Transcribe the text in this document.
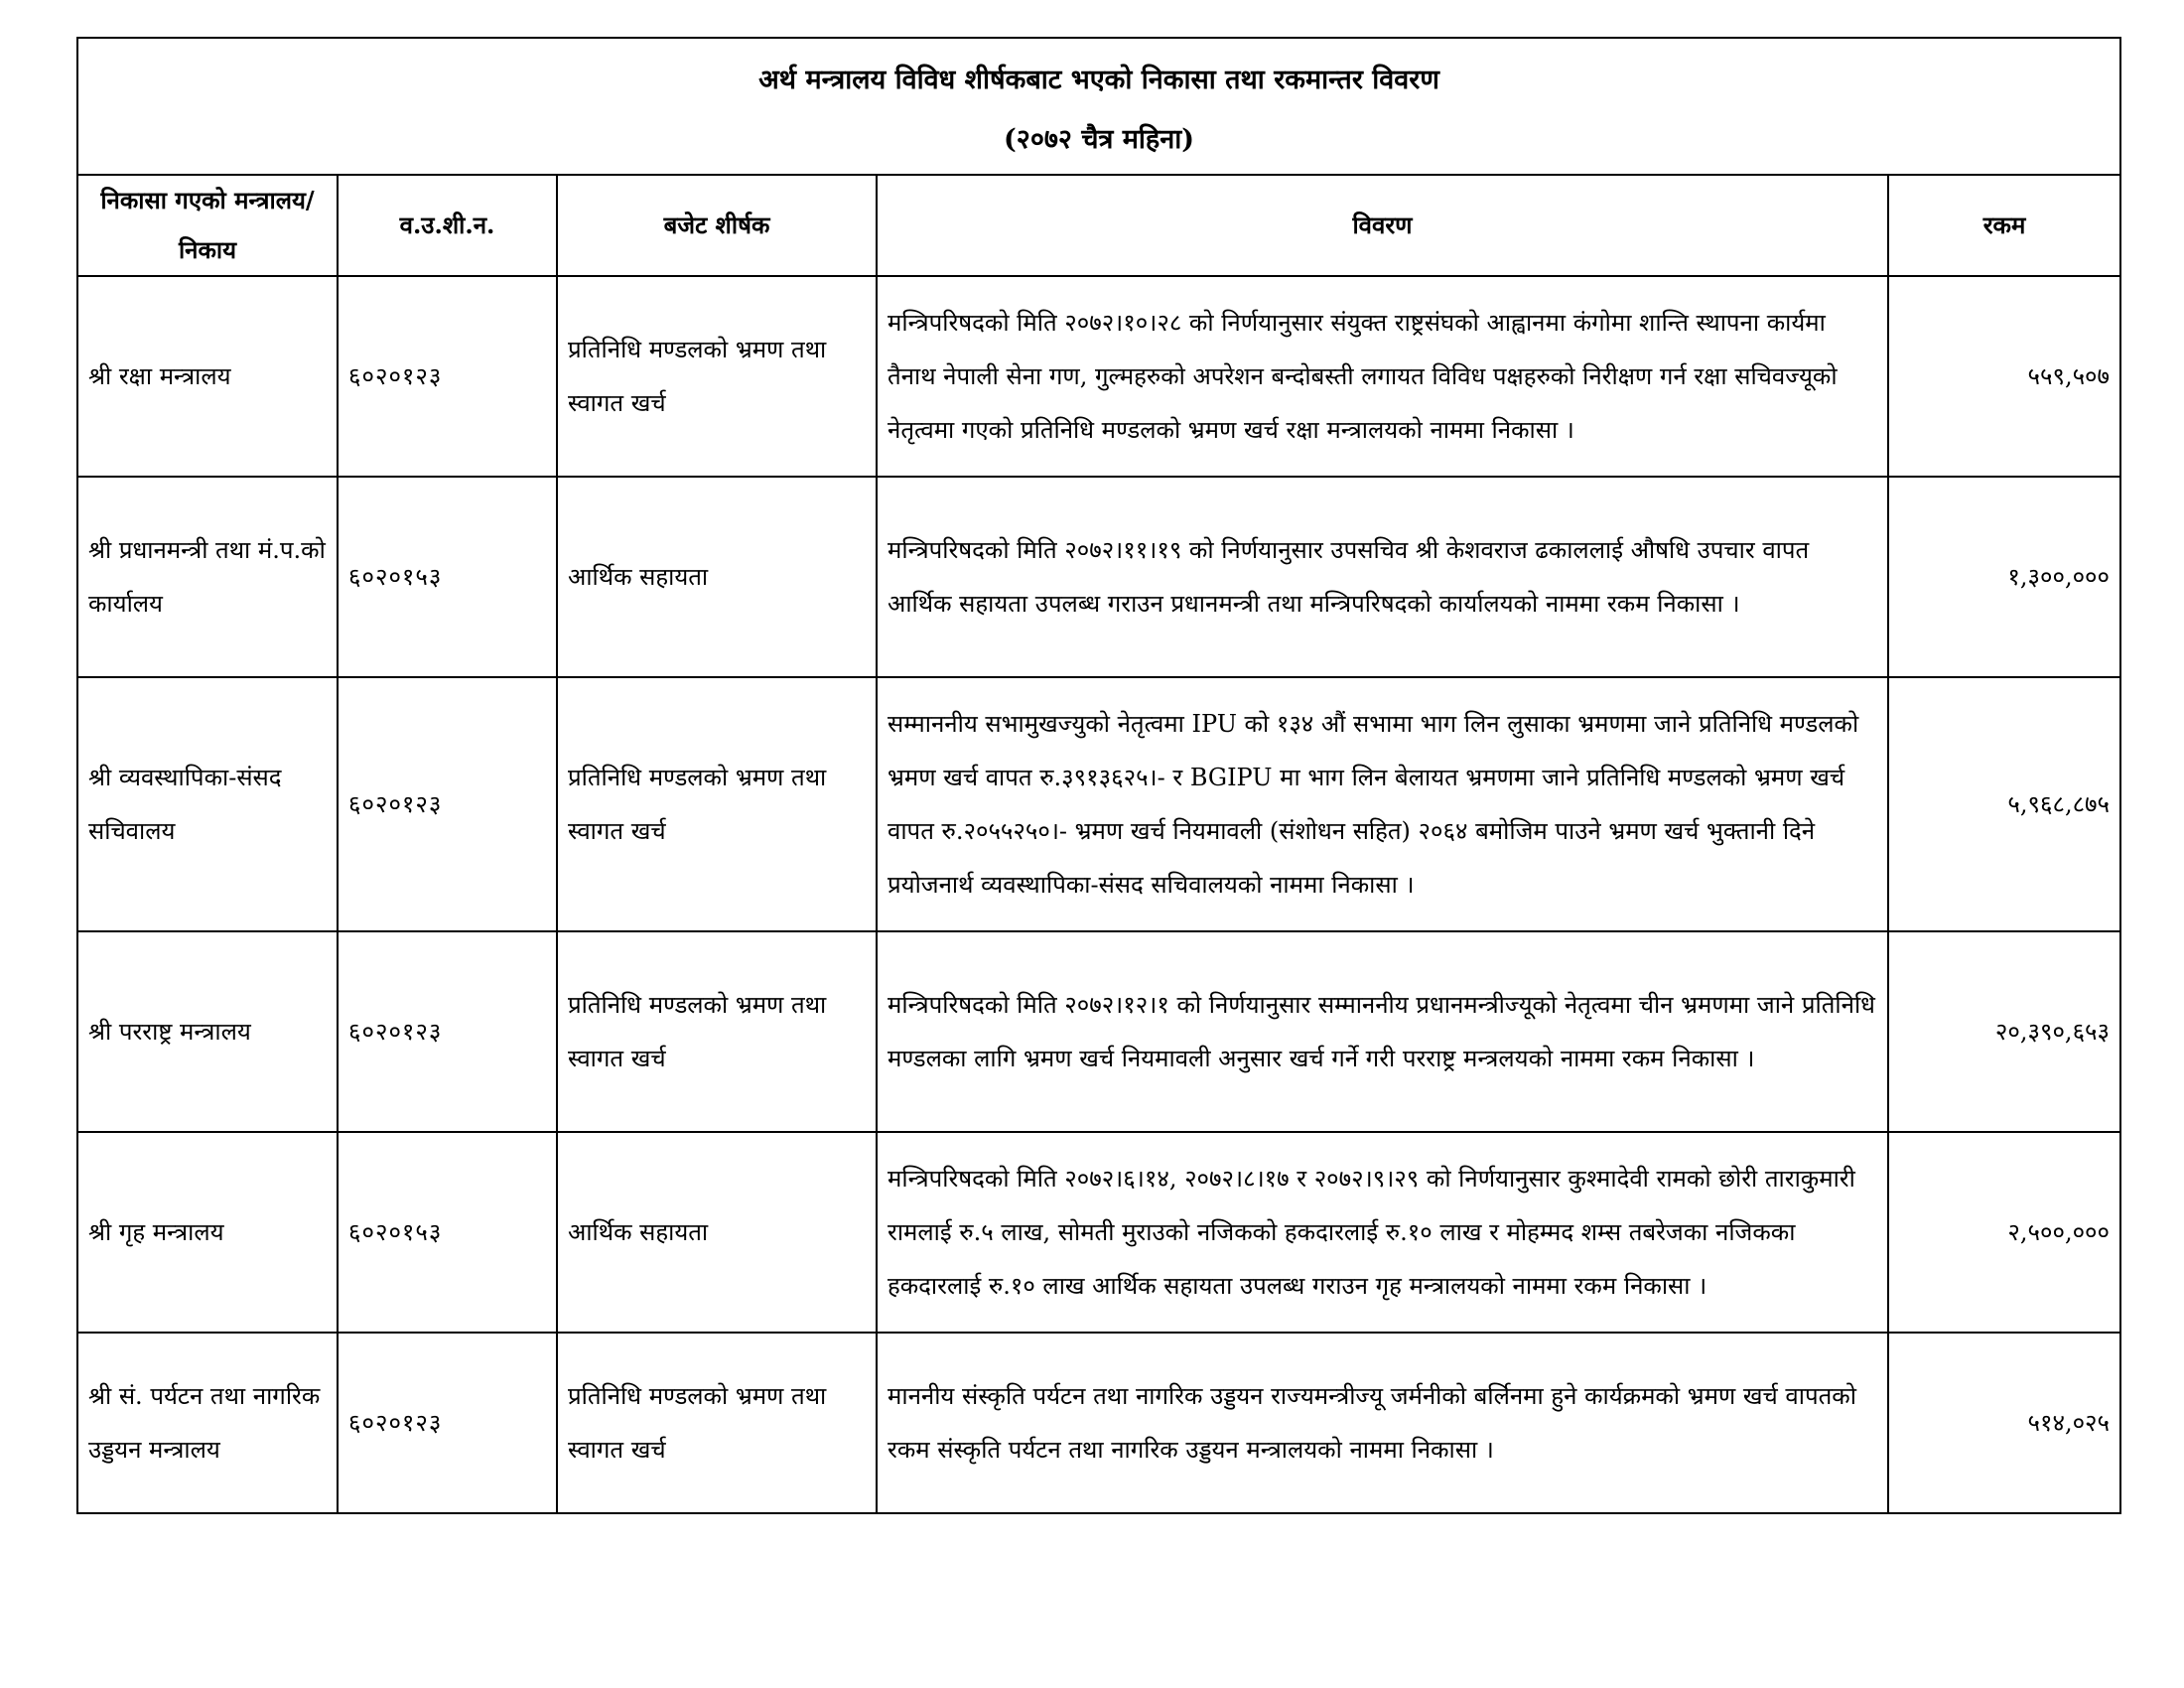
अर्थ मन्त्रालय विविध शीर्षकबाट भएको निकासा तथा रकमान्तर विवरण
(२०७२ चैत्र महिना)				

निकासा गएको मन्त्रालय/निकाय	व.उ.शी.न.	बजेट शीर्षक	विवरण	रकम
श्री रक्षा मन्त्रालय	६०२०१२३	प्रतिनिधि मण्डलको भ्रमण तथा स्वागत खर्च	मन्त्रिपरिषदको मिति २०७२।१०।२८ को निर्णयानुसार संयुक्त राष्ट्रसंघको आह्वानमा कंगोमा शान्ति स्थापना कार्यमा तैनाथ नेपाली सेना गण, गुल्महरुको अपरेशन बन्दोबस्ती लगायत विविध पक्षहरुको निरीक्षण गर्न रक्षा सचिवज्यूको नेतृत्वमा गएको प्रतिनिधि मण्डलको भ्रमण खर्च रक्षा मन्त्रालयको नाममा निकासा ।	५५९,५०७
श्री प्रधानमन्त्री तथा मं.प.को कार्यालय	६०२०१५३	आर्थिक सहायता	मन्त्रिपरिषदको मिति २०७२।११।१९ को निर्णयानुसार उपसचिव श्री केशवराज ढकाललाई औषधि उपचार वापत आर्थिक सहायता उपलब्ध गराउन प्रधानमन्त्री तथा मन्त्रिपरिषदको कार्यालयको नाममा रकम निकासा ।	१,३००,०००
श्री व्यवस्थापिका-संसद सचिवालय	६०२०१२३	प्रतिनिधि मण्डलको भ्रमण तथा स्वागत खर्च	सम्माननीय सभामुखज्युको नेतृत्वमा IPU को १३४ औं सभामा भाग लिन लुसाका भ्रमणमा जाने प्रतिनिधि मण्डलको भ्रमण खर्च वापत रु.३९१३६२५।- र BGIPU मा भाग लिन बेलायत भ्रमणमा जाने प्रतिनिधि मण्डलको भ्रमण खर्च वापत रु.२०५५२५०।- भ्रमण खर्च नियमावली (संशोधन सहित) २०६४ बमोजिम पाउने भ्रमण खर्च भुक्तानी दिने प्रयोजनार्थ व्यवस्थापिका-संसद सचिवालयको नाममा निकासा ।	५,९६८,८७५
श्री परराष्ट्र मन्त्रालय	६०२०१२३	प्रतिनिधि मण्डलको भ्रमण तथा स्वागत खर्च	मन्त्रिपरिषदको मिति २०७२।१२।१ को निर्णयानुसार सम्माननीय प्रधानमन्त्रीज्यूको नेतृत्वमा चीन भ्रमणमा जाने प्रतिनिधि मण्डलका लागि भ्रमण खर्च नियमावली अनुसार खर्च गर्ने गरी परराष्ट्र मन्त्रलयको नाममा रकम निकासा ।	२०,३९०,६५३
श्री गृह मन्त्रालय	६०२०१५३	आर्थिक सहायता	मन्त्रिपरिषदको मिति २०७२।६।१४, २०७२।८।१७ र २०७२।९।२९ को निर्णयानुसार कुश्मादेवी रामको छोरी ताराकुमारी रामलाई रु.५ लाख, सोमती मुराउको नजिकको हकदारलाई रु.१० लाख र मोहम्मद शम्स तबरेजका नजिकका हकदारलाई रु.१० लाख आर्थिक सहायता उपलब्ध गराउन गृह मन्त्रालयको नाममा रकम निकासा ।	२,५००,०००
श्री सं. पर्यटन तथा नागरिक उड्डयन मन्त्रालय	६०२०१२३	प्रतिनिधि मण्डलको भ्रमण तथा स्वागत खर्च	माननीय संस्कृति पर्यटन तथा नागरिक उड्डयन राज्यमन्त्रीज्यू जर्मनीको बर्लिनमा हुने कार्यक्रमको भ्रमण खर्च वापतको रकम संस्कृति पर्यटन तथा नागरिक उड्डयन मन्त्रालयको नाममा निकासा ।	५१४,०२५
